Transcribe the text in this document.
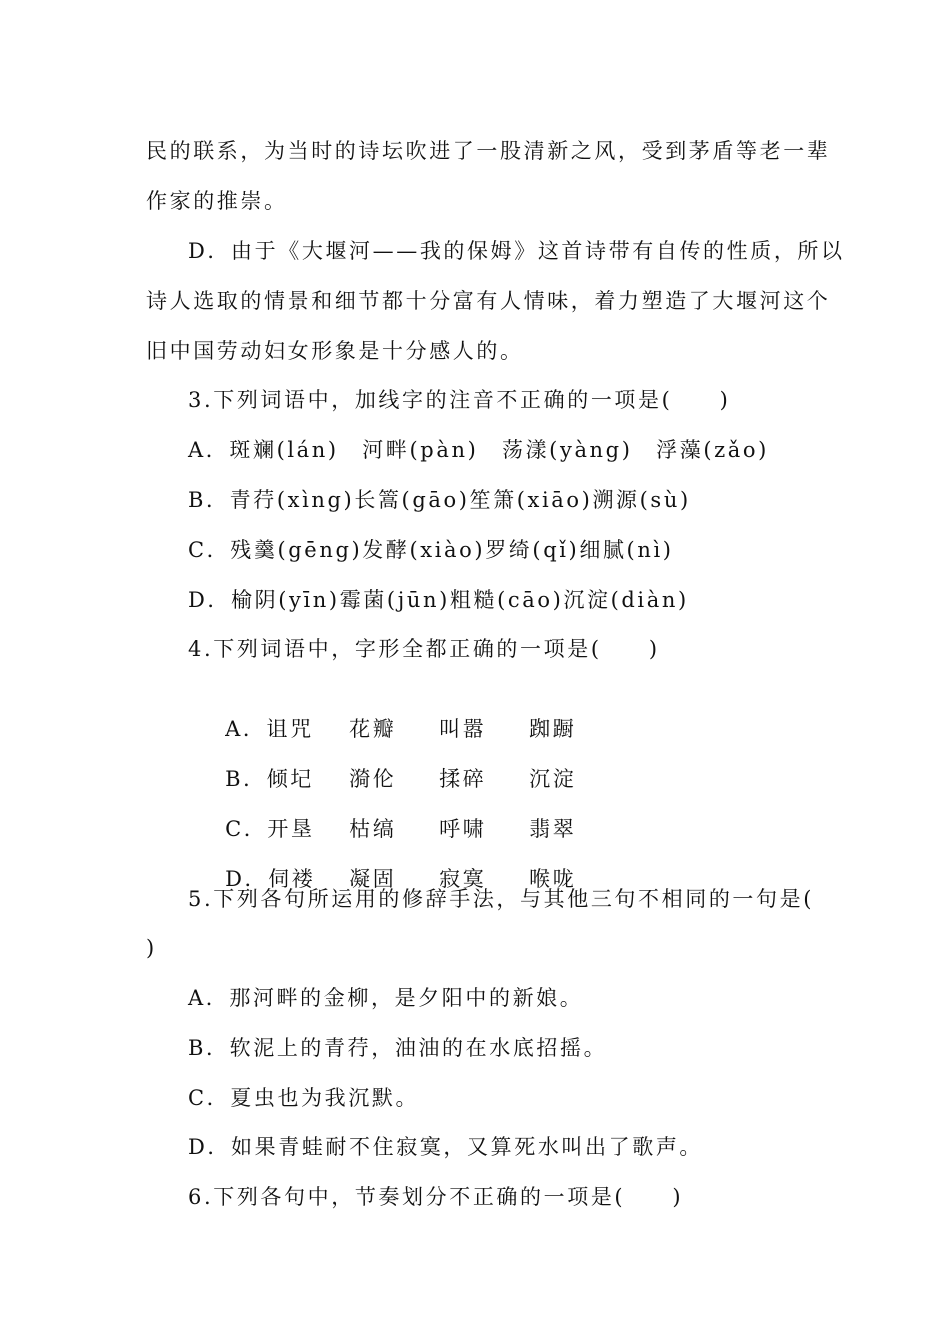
民的联系，为当时的诗坛吹进了一股清新之风，受到茅盾等老一辈
作家的推崇。
D．由于《大堰河——我的保姆》这首诗带有自传的性质，所以
诗人选取的情景和细节都十分富有人情味，着力塑造了大堰河这个
旧中国劳动妇女形象是十分感人的。
3.下列词语中，加线字的注音不正确的一项是(　　)
A．斑斓(lán)　河畔(pàn)　荡漾(yàng)　浮藻(zǎo)
B．青荇(xìng)长篙(gāo)笙箫(xiāo)溯源(sù)
C．残羹(gēng)发酵(xiào)罗绮(qǐ)细腻(nì)
D．榆阴(yīn)霉菌(jūn)粗糙(cāo)沉淀(diàn)
4.下列词语中，字形全都正确的一项是(　　)

A．诅咒 花瓣 叫嚣 踟蹰

B．倾圮 漪伦 揉碎 沉淀

C．开垦 枯缟 呼啸 翡翠

D．伺褛 凝固 寂寞 喉咙

5.下列各句所运用的修辞手法，与其他三句不相同的一句是(
)
A．那河畔的金柳，是夕阳中的新娘。
B．软泥上的青荇，油油的在水底招摇。
C．夏虫也为我沉默。
D．如果青蛙耐不住寂寞，又算死水叫出了歌声。
6.下列各句中，节奏划分不正确的一项是(　　)
